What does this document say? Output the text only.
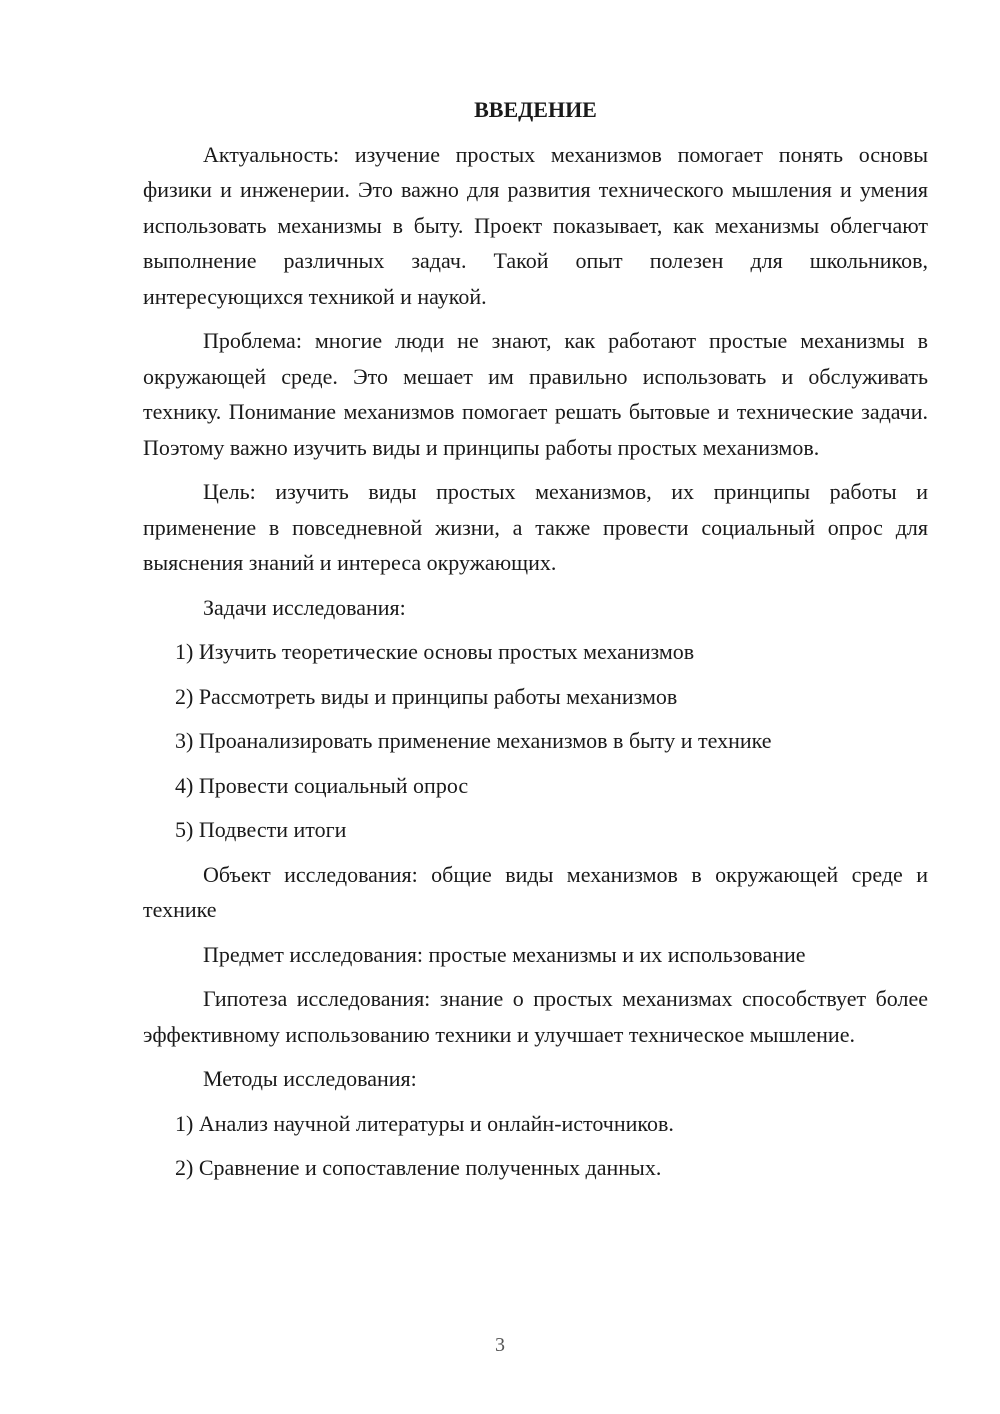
ВВЕДЕНИЕ
Актуальность: изучение простых механизмов помогает понять основы физики и инженерии. Это важно для развития технического мышления и умения использовать механизмы в быту. Проект показывает, как механизмы облегчают выполнение различных задач. Такой опыт полезен для школьников, интересующихся техникой и наукой.
Проблема: многие люди не знают, как работают простые механизмы в окружающей среде. Это мешает им правильно использовать и обслуживать технику. Понимание механизмов помогает решать бытовые и технические задачи. Поэтому важно изучить виды и принципы работы простых механизмов.
Цель: изучить виды простых механизмов, их принципы работы и применение в повседневной жизни, а также провести социальный опрос для выяснения знаний и интереса окружающих.
Задачи исследования:
1) Изучить теоретические основы простых механизмов
2) Рассмотреть виды и принципы работы механизмов
3) Проанализировать применение механизмов в быту и технике
4) Провести социальный опрос
5) Подвести итоги
Объект исследования: общие виды механизмов в окружающей среде и технике
Предмет исследования: простые механизмы и их использование
Гипотеза исследования: знание о простых механизмах способствует более эффективному использованию техники и улучшает техническое мышление.
Методы исследования:
1) Анализ научной литературы и онлайн-источников.
2) Сравнение и сопоставление полученных данных.
3
